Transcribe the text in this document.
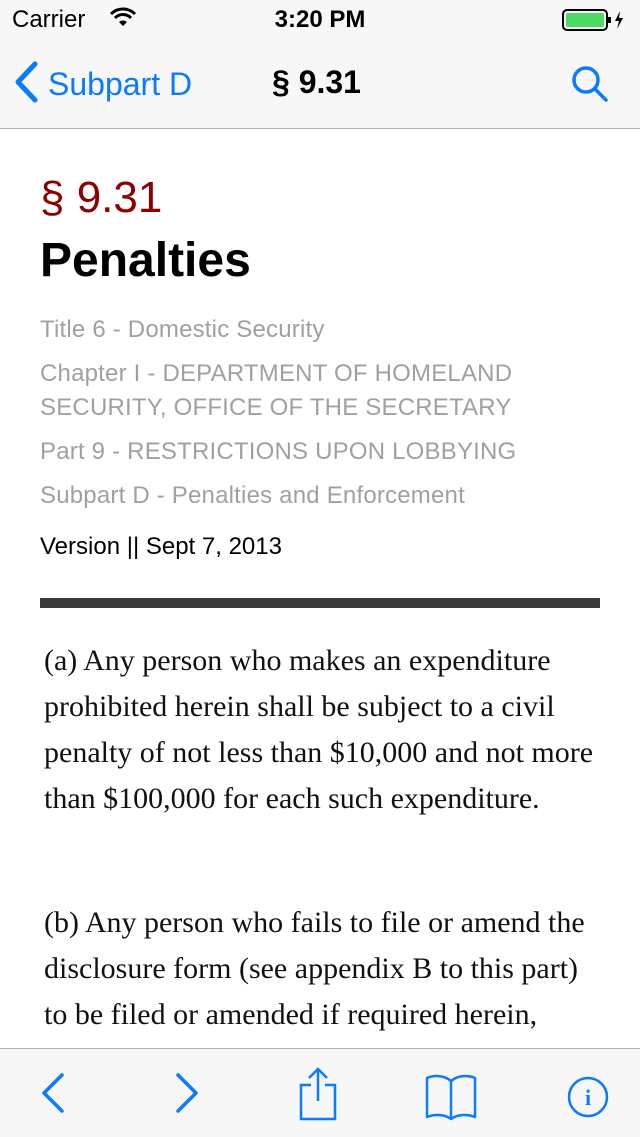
Carrier	3:20 PM
Subpart D § 9.31
§ 9.31
Penalties
Title 6 - Domestic Security
Chapter I - DEPARTMENT OF HOMELAND SECURITY, OFFICE OF THE SECRETARY
Part 9 - RESTRICTIONS UPON LOBBYING
Subpart D - Penalties and Enforcement
Version || Sept 7, 2013
(a) Any person who makes an expenditure prohibited herein shall be subject to a civil penalty of not less than $10,000 and not more than $100,000 for each such expenditure.
(b) Any person who fails to file or amend the disclosure form (see appendix B to this part) to be filed or amended if required herein,
i
